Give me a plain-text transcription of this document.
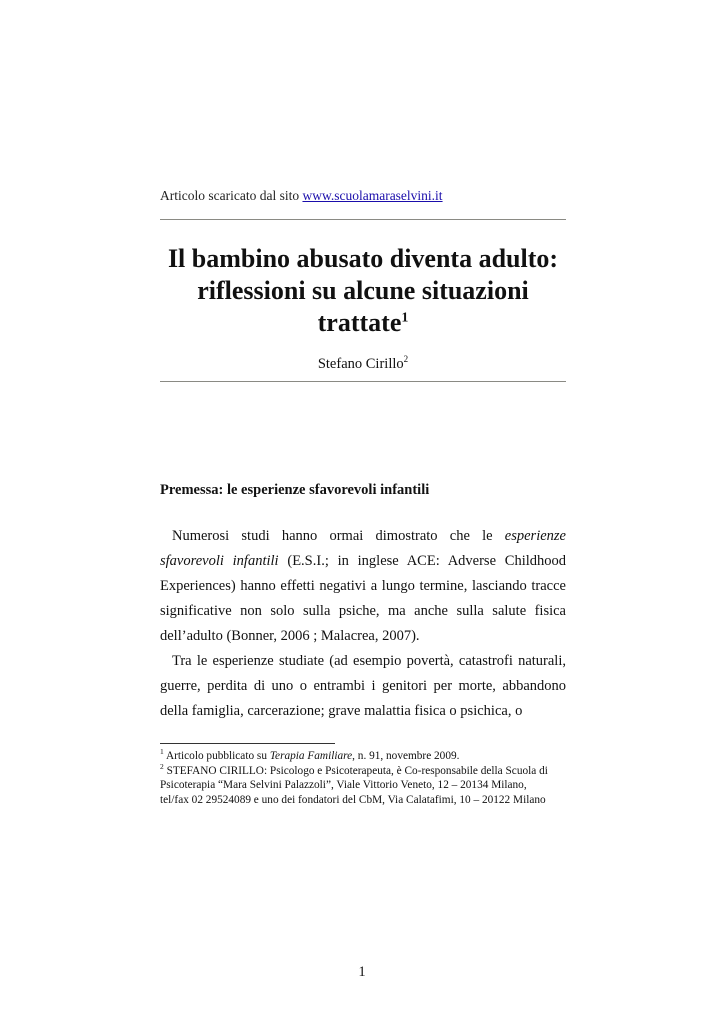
Articolo scaricato dal sito www.scuolamaraselvini.it
Il bambino abusato diventa adulto: riflessioni su alcune situazioni trattate$^1$
Stefano Cirillo$^2$
Premessa: le esperienze sfavorevoli infantili

Numerosi studi hanno ormai dimostrato che le esperienze sfavorevoli infantili (E.S.I.; in inglese ACE: Adverse Childhood Experiences) hanno effetti negativi a lungo termine, lasciando tracce significative non solo sulla psiche, ma anche sulla salute fisica dell’adulto (Bonner, 2006 ; Malacrea, 2007).

Tra le esperienze studiate (ad esempio povertà, catastrofi naturali, guerre, perdita di uno o entrambi i genitori per morte, abbandono della famiglia, carcerazione; grave malattia fisica o psichica, o

$^1$ Articolo pubblicato su Terapia Familiare, n. 91, novembre 2009.

$^2$ STEFANO CIRILLO: Psicologo e Psicoterapeuta, è Co-responsabile della Scuola di
Psicoterapia “Mara Selvini Palazzoli”, Viale Vittorio Veneto, 12 – 20134 Milano,
tel/fax 02 29524089 e uno dei fondatori del CbM, Via Calatafimi, 10 – 20122 Milano

1
